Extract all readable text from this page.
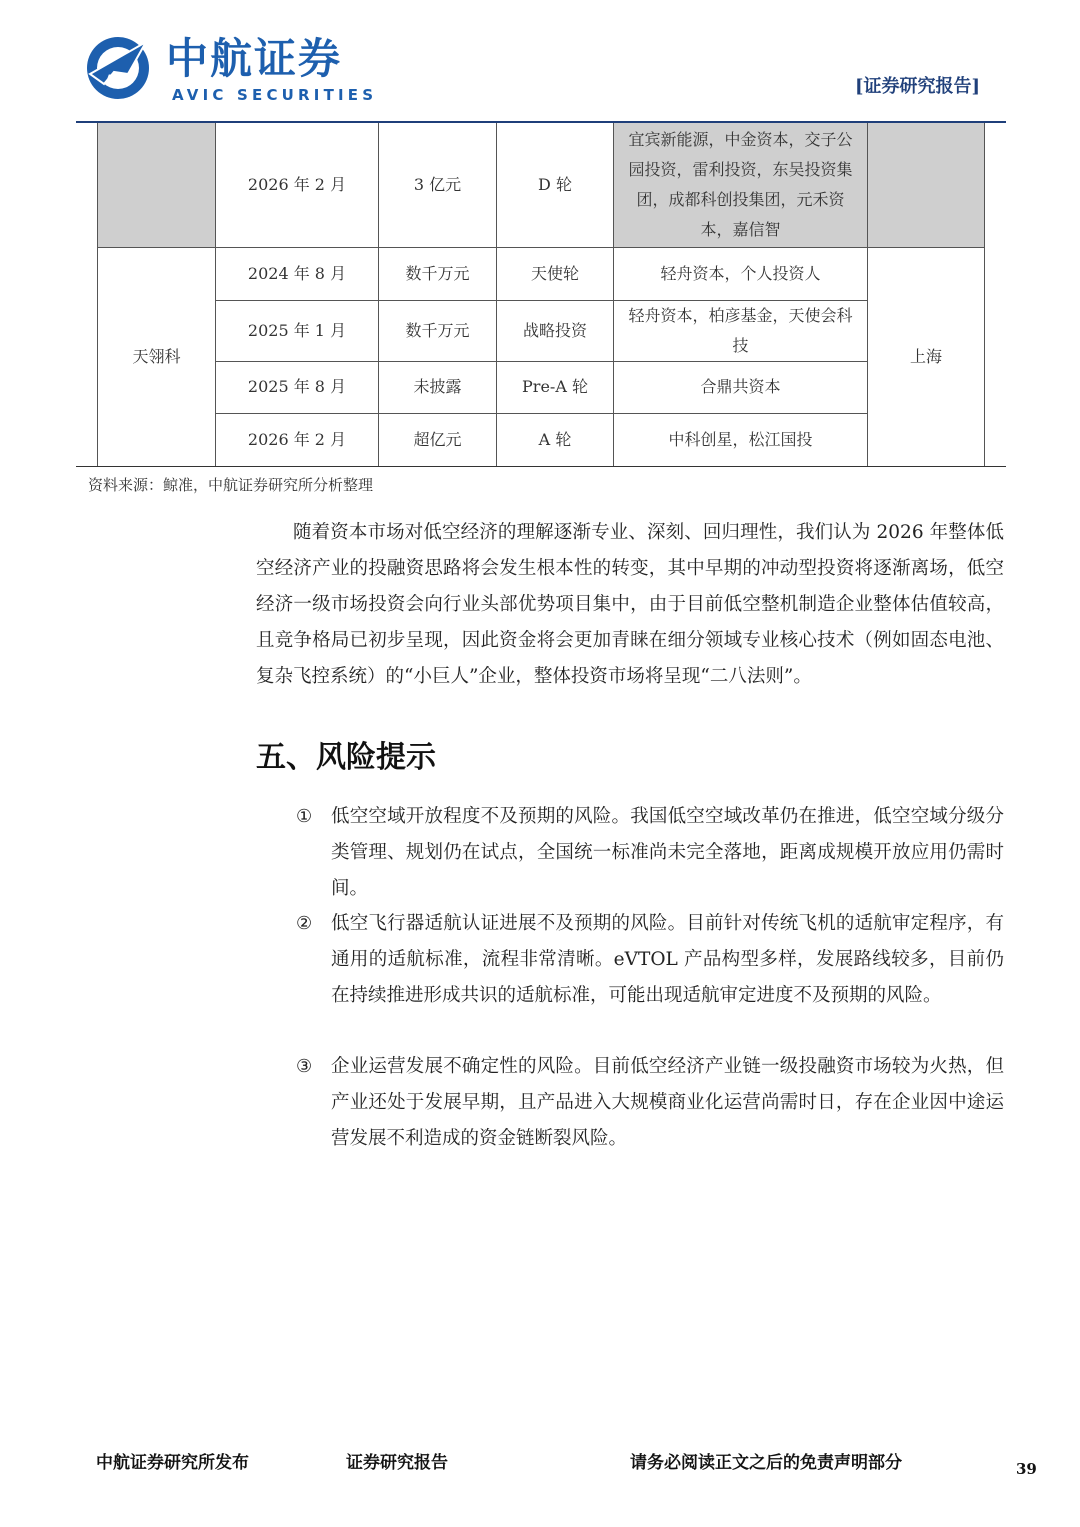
AVIC 中航证券
AVIC SECURITIES	[证券研究报告]
	2026 年 2 月	3 亿元	D 轮	宜宾新能源，中金资本，交子公园投资，雷利投资，东吴投资集团，成都科创投集团，元禾资本，嘉信智	
天翎科	2024 年 8 月	数千万元	天使轮	轻舟资本，个人投资人	上海
	2025 年 1 月	数千万元	战略投资	轻舟资本，柏彦基金，天使会科技	
	2025 年 8 月	未披露	Pre-A 轮	合鼎共资本	
	2026 年 2 月	超亿元	A 轮	中科创星，松江国投	
资料来源：鲸准，中航证券研究所分析整理

随着资本市场对低空经济的理解逐渐专业、深刻、回归理性，我们认为 2026 年整体低空经济产业的投融资思路将会发生根本性的转变，其中早期的冲动型投资将逐渐离场，低空经济一级市场投资会向行业头部优势项目集中，由于目前低空整机制造企业整体估值较高，且竞争格局已初步呈现，因此资金将会更加青睐在细分领域专业核心技术（例如固态电池、复杂飞控系统）的“小巨人”企业，整体投资市场将呈现“二八法则”。

五、风险提示
①	低空空域开放程度不及预期的风险。我国低空空域改革仍在推进，低空空域分级分类管理、规划仍在试点，全国统一标准尚未完全落地，距离成规模开放应用仍需时间。

②	低空飞行器适航认证进展不及预期的风险。目前针对传统飞机的适航审定程序，有通用的适航标准，流程非常清晰。eVTOL 产品构型多样，发展路线较多，目前仍在持续推进形成共识的适航标准，可能出现适航审定进度不及预期的风险。

③	企业运营发展不确定性的风险。目前低空经济产业链一级投融资市场较为火热，但产业还处于发展早期，且产品进入大规模商业化运营尚需时日，存在企业因中途运营发展不利造成的资金链断裂风险。

中航证券研究所发布	证券研究报告	请务必阅读正文之后的免责声明部分	39
